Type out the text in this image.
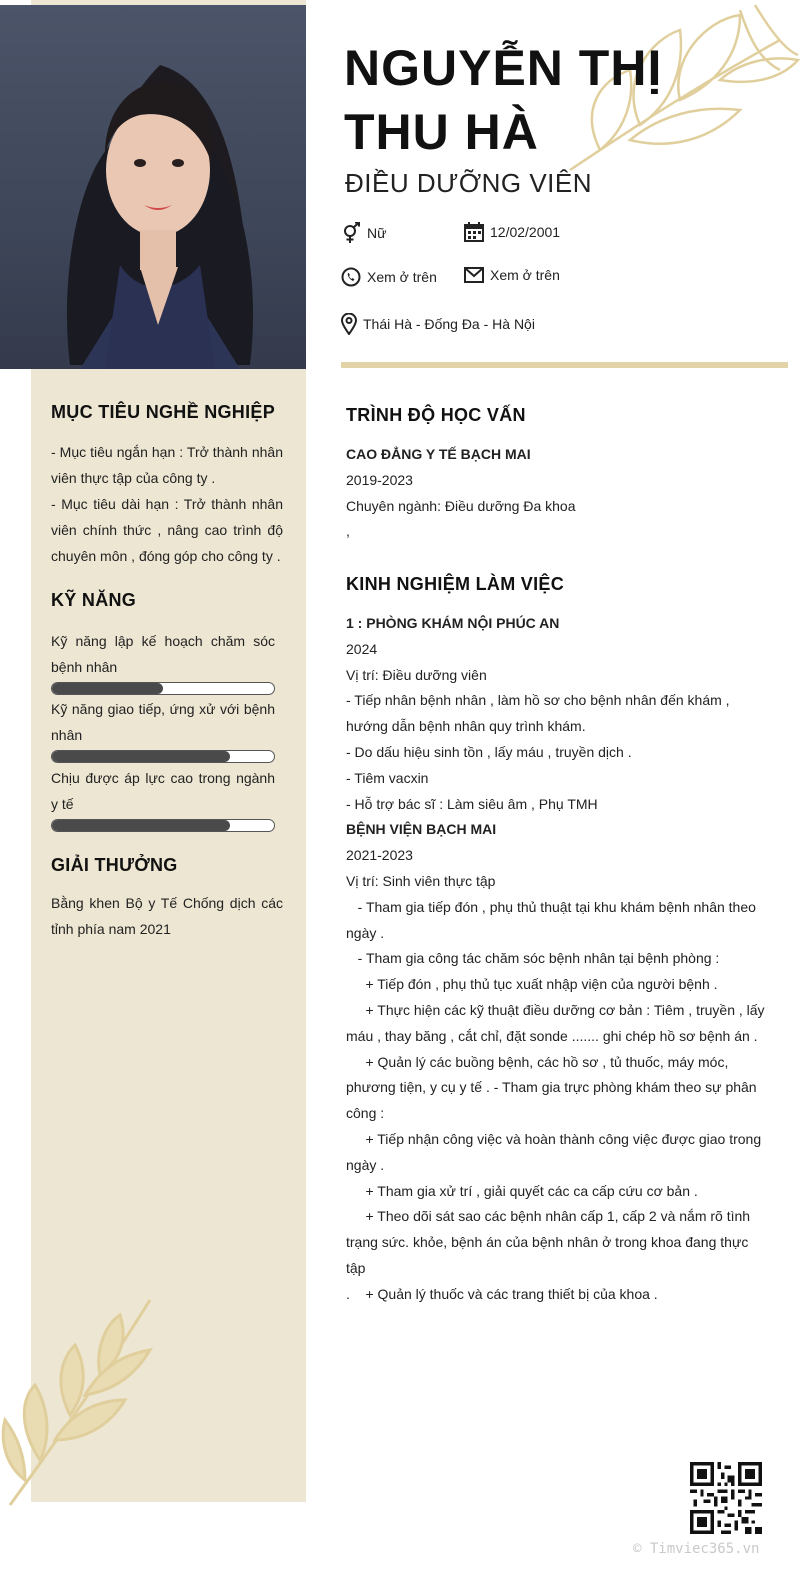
NGUYỄN THỊ
THU HÀ
ĐIỀU DƯỠNG VIÊN
Nữ	12/02/2001
Xem ở trên	Xem ở trên
Thái Hà - Đống Đa - Hà Nội
MỤC TIÊU NGHỀ NGHIỆP

- Mục tiêu ngắn hạn : Trở thành nhân viên thực tập của công ty .

- Mục tiêu dài hạn : Trở thành nhân viên chính thức , nâng cao trình độ chuyên môn , đóng góp cho công ty .

KỸ NĂNG
Kỹ năng lập kế hoạch chăm sóc bệnh nhân
Kỹ năng giao tiếp, ứng xử với bệnh nhân
Chịu được áp lực cao trong ngành y tế
GIẢI THƯỞNG
Bằng khen Bộ y Tế Chống dịch các tỉnh phía nam 2021
TRÌNH ĐỘ HỌC VẤN

CAO ĐẲNG Y TẾ BẠCH MAI

2019-2023

Chuyên ngành: Điều dưỡng Đa khoa

,

KINH NGHIỆM LÀM VIỆC

1 : PHÒNG KHÁM NỘI PHÚC AN

2024

Vị trí: Điều dưỡng viên

- Tiếp nhân bệnh nhân , làm hồ sơ cho bệnh nhân đến khám , hướng dẫn bệnh nhân quy trình khám.

- Do dấu hiệu sinh tồn , lấy máu , truyền dịch .

- Tiêm vacxin

- Hỗ trợ bác sĩ : Làm siêu âm , Phụ TMH

BỆNH VIỆN BẠCH MAI

2021-2023

Vị trí: Sinh viên thực tập

- Tham gia tiếp đón , phụ thủ thuật tại khu khám bệnh nhân theo ngày .

- Tham gia công tác chăm sóc bệnh nhân tại bệnh phòng :

+ Tiếp đón , phụ thủ tục xuất nhập viện của người bệnh .

+ Thực hiện các kỹ thuật điều dưỡng cơ bản : Tiêm , truyền , lấy máu , thay băng , cắt chỉ, đặt sonde ....... ghi chép hồ sơ bệnh án .

+ Quản lý các buồng bệnh, các hồ sơ , tủ thuốc, máy móc, phương tiện, y cụ y tế . - Tham gia trực phòng khám theo sự phân công :

+ Tiếp nhận công việc và hoàn thành công việc được giao trong ngày .

+ Tham gia xử trí , giải quyết các ca cấp cứu cơ bản .

+ Theo dõi sát sao các bệnh nhân cấp 1, cấp 2 và nắm rõ tình trạng sức. khỏe, bệnh án của bệnh nhân ở trong khoa đang thực tập

.    + Quản lý thuốc và các trang thiết bị của khoa .

© Timviec365.vn
